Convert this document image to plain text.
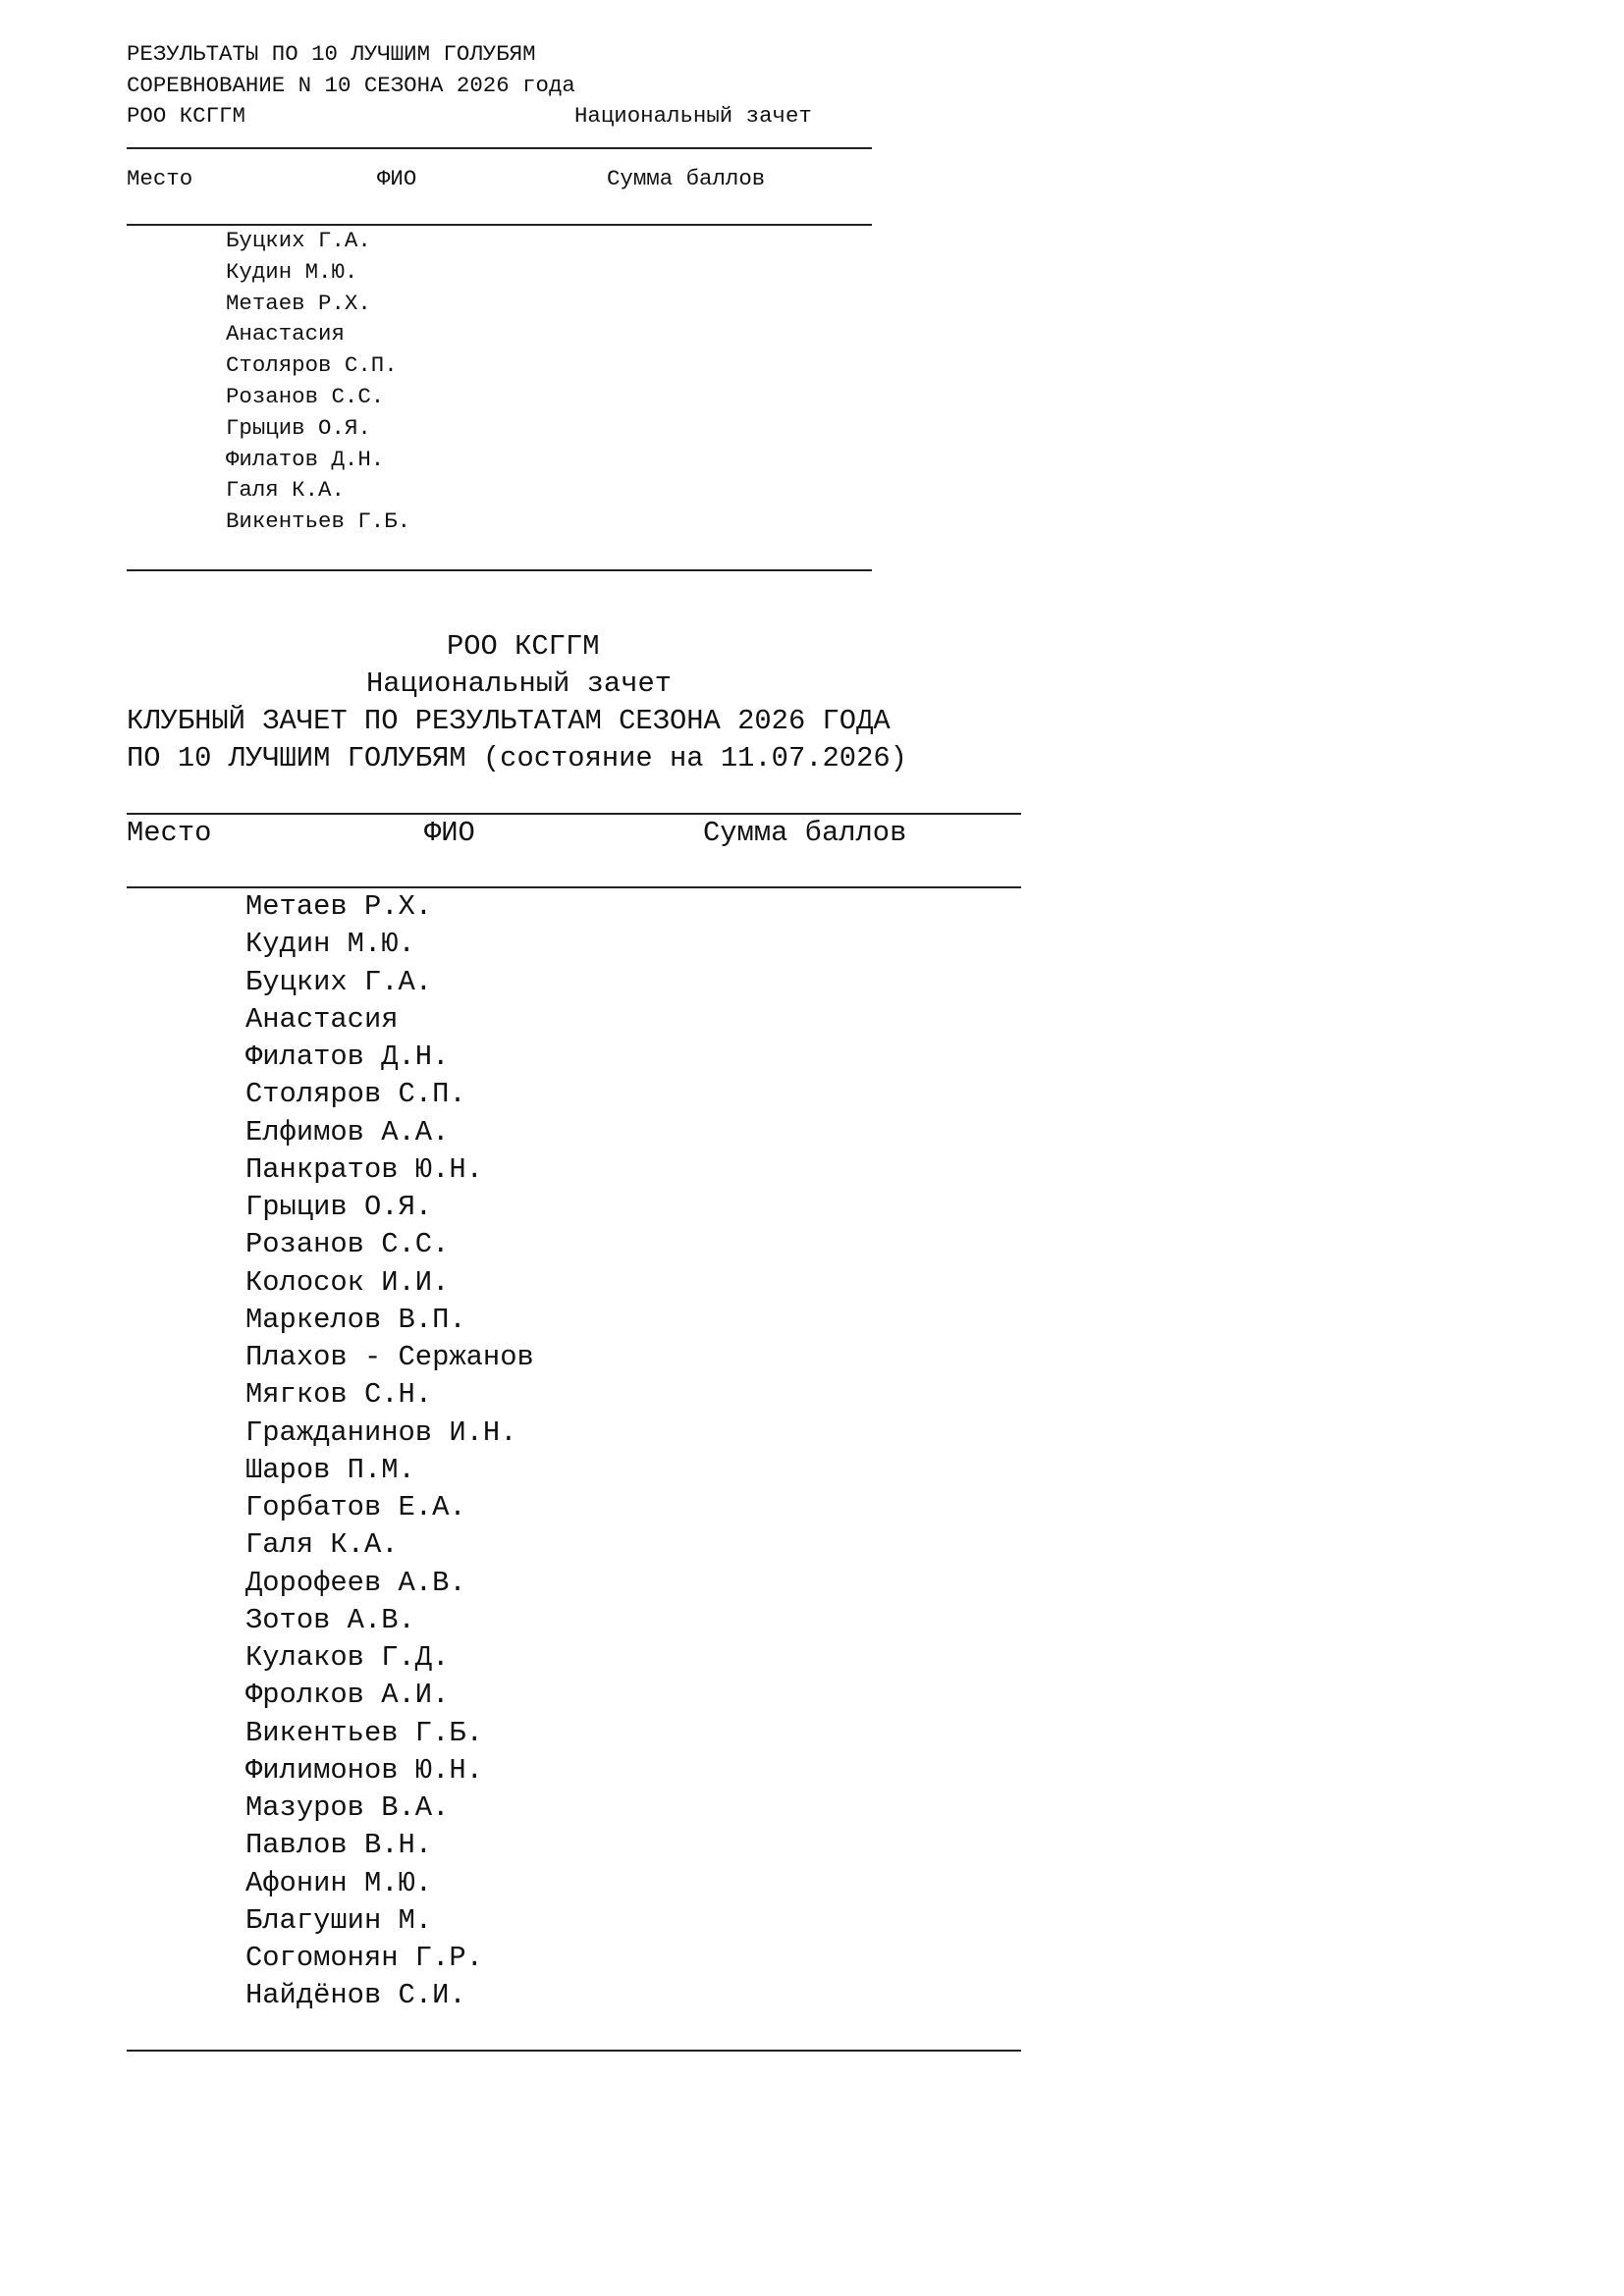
РЕЗУЛЬТАТЫ ПО 10 ЛУЧШИМ ГОЛУБЯМ
СОРЕВНОВАНИЕ N 10 СЕЗОНА 2026 года
РОО КСГГМ	Национальный зачет
Место	ФИО	Сумма баллов
Буцких Г.А.
Кудин М.Ю.
Метаев Р.Х.
Анастасия
Столяров С.П.
Розанов С.С.
Грыцив О.Я.
Филатов Д.Н.
Галя К.А.
Викентьев Г.Б.
РОО КСГГМ
Национальный зачет
КЛУБНЫЙ ЗАЧЕТ ПО РЕЗУЛЬТАТАМ СЕЗОНА 2026 ГОДА
ПО 10 ЛУЧШИМ ГОЛУБЯМ (состояние на 11.07.2026)
Место	ФИО	Сумма баллов
Метаев Р.Х.
Кудин М.Ю.
Буцких Г.А.
Анастасия
Филатов Д.Н.
Столяров С.П.
Елфимов А.А.
Панкратов Ю.Н.
Грыцив О.Я.
Розанов С.С.
Колосок И.И.
Маркелов В.П.
Плахов - Сержанов
Мягков С.Н.
Гражданинов И.Н.
Шаров П.М.
Горбатов Е.А.
Галя К.А.
Дорофеев А.В.
Зотов А.В.
Кулаков Г.Д.
Фролков А.И.
Викентьев Г.Б.
Филимонов Ю.Н.
Мазуров В.А.
Павлов В.Н.
Афонин М.Ю.
Благушин М.
Согомонян Г.Р.
Найдёнов С.И.
